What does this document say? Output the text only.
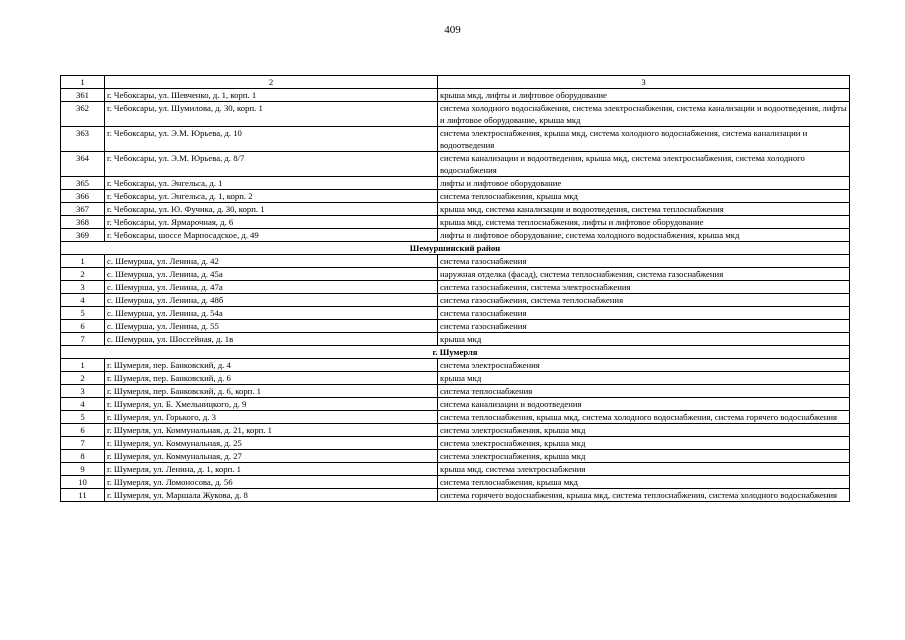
409
1	2	3
361	г. Чебоксары, ул. Шевченко, д. 1, корп. 1	крыша мкд, лифты и лифтовое оборудование
362	г. Чебоксары, ул. Шумилова, д. 30, корп. 1	система холодного водоснабжения, система электроснабжения, система канализации и водоотведения, лифты и лифтовое оборудование, крыша мкд
363	г. Чебоксары, ул. Э.М. Юрьева, д. 10	система электроснабжения, крыша мкд, система холодного водоснабжения, система канализации и водоотведения
364	г. Чебоксары, ул. Э.М. Юрьева, д. 8/7	система канализации и водоотведения, крыша мкд, система электроснабжения, система холодного водоснабжения
365	г. Чебоксары, ул. Энгельса, д. 1	лифты и лифтовое оборудование
366	г. Чебоксары, ул. Энгельса, д. 1, корп. 2	система теплоснабжения, крыша мкд
367	г. Чебоксары, ул. Ю. Фучика, д. 30, корп. 1	крыша мкд, система канализации и водоотведения, система теплоснабжения
368	г. Чебоксары, ул. Ярмарочная, д. 6	крыша мкд, система теплоснабжения, лифты и лифтовое оборудование
369	г. Чебоксары, шоссе Марпосадское, д. 49	лифты и лифтовое оборудование, система холодного водоснабжения, крыша мкд
Шемуршинский район		
1	с. Шемурша, ул. Ленина, д. 42	система газоснабжения
2	с. Шемурша, ул. Ленина, д. 45а	наружная отделка (фасад), система теплоснабжения, система газоснабжения
3	с. Шемурша, ул. Ленина, д. 47а	система газоснабжения, система электроснабжения
4	с. Шемурша, ул. Ленина, д. 48б	система газоснабжения, система теплоснабжения
5	с. Шемурша, ул. Ленина, д. 54а	система газоснабжения
6	с. Шемурша, ул. Ленина, д. 55	система газоснабжения
7	с. Шемурша, ул. Шоссейная, д. 1в	крыша мкд
г. Шумерля		
1	г. Шумерля, пер. Банковский, д. 4	система электроснабжения
2	г. Шумерля, пер. Банковский, д. 6	крыша мкд
3	г. Шумерля, пер. Банковский, д. 6, корп. 1	система теплоснабжения
4	г. Шумерля, ул. Б. Хмельницкого, д. 9	система канализации и водоотведения
5	г. Шумерля, ул. Горького, д. 3	система теплоснабжения, крыша мкд, система холодного водоснабжения, система горячего водоснабжения
6	г. Шумерля, ул. Коммунальная, д. 21, корп. 1	система электроснабжения, крыша мкд
7	г. Шумерля, ул. Коммунальная, д. 25	система электроснабжения, крыша мкд
8	г. Шумерля, ул. Коммунальная, д. 27	система электроснабжения, крыша мкд
9	г. Шумерля, ул. Ленина, д. 1, корп. 1	крыша мкд, система электроснабжения
10	г. Шумерля, ул. Ломоносова, д. 56	система теплоснабжения, крыша мкд
11	г. Шумерля, ул. Маршала Жукова, д. 8	система горячего водоснабжения, крыша мкд, система теплоснабжения, система холодного водоснабжения
